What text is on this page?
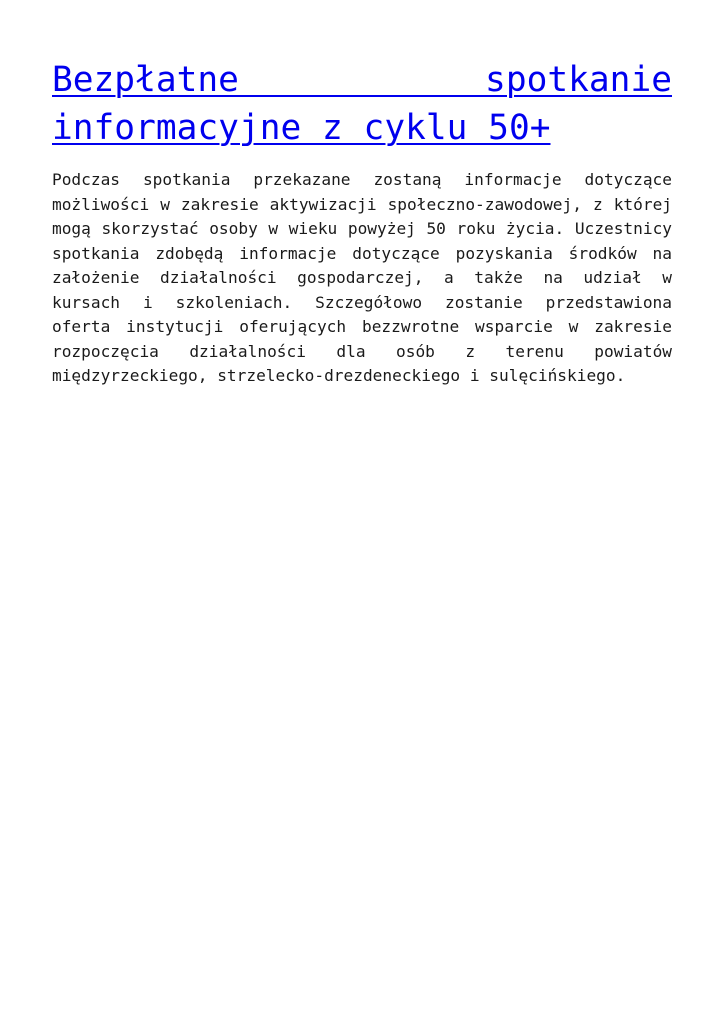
Bezpłatne spotkanie informacyjne z cyklu 50+

Podczas spotkania przekazane zostaną informacje dotyczące możliwości w zakresie aktywizacji społeczno-zawodowej, z której mogą skorzystać osoby w wieku powyżej 50 roku życia. Uczestnicy spotkania zdobędą informacje dotyczące pozyskania środków na założenie działalności gospodarczej, a także na udział w kursach i szkoleniach. Szczegółowo zostanie przedstawiona oferta instytucji oferujących bezzwrotne wsparcie w zakresie rozpoczęcia działalności dla osób z terenu powiatów międzyrzeckiego, strzelecko-drezdeneckiego i sulęcińskiego.
